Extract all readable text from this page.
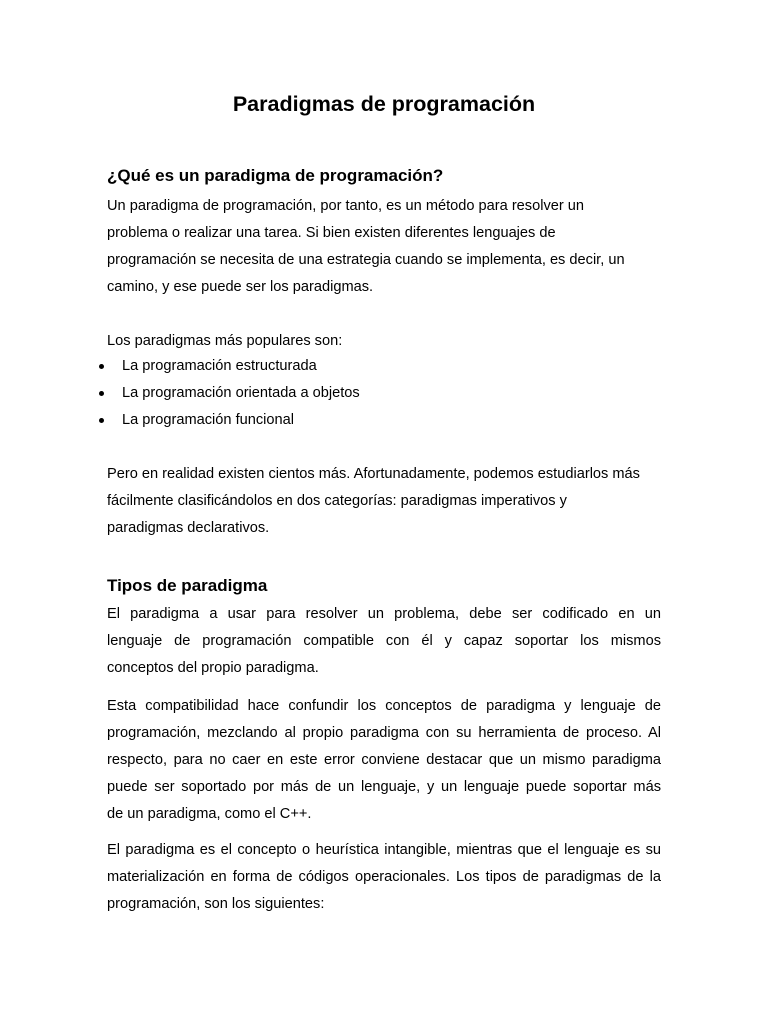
Paradigmas de programación
¿Qué es un paradigma de programación?
Un paradigma de programación, por tanto, es un método para resolver un
problema o realizar una tarea. Si bien existen diferentes lenguajes de
programación se necesita de una estrategia cuando se implementa, es decir, un
camino, y ese puede ser los paradigmas.
Los paradigmas más populares son:
La programación estructurada
La programación orientada a objetos
La programación funcional
Pero en realidad existen cientos más. Afortunadamente, podemos estudiarlos más
fácilmente clasificándolos en dos categorías: paradigmas imperativos y
paradigmas declarativos.
Tipos de paradigma
El paradigma a usar para resolver un problema, debe ser codificado en un
lenguaje de programación compatible con él y capaz soportar los mismos
conceptos del propio paradigma.
Esta compatibilidad hace confundir los conceptos de paradigma y lenguaje de
programación, mezclando al propio paradigma con su herramienta de proceso. Al
respecto, para no caer en este error conviene destacar que un mismo paradigma
puede ser soportado por más de un lenguaje, y un lenguaje puede soportar más
de un paradigma, como el C++.
El paradigma es el concepto o heurística intangible, mientras que el lenguaje es su
materialización en forma de códigos operacionales. Los tipos de paradigmas de la
programación, son los siguientes:
